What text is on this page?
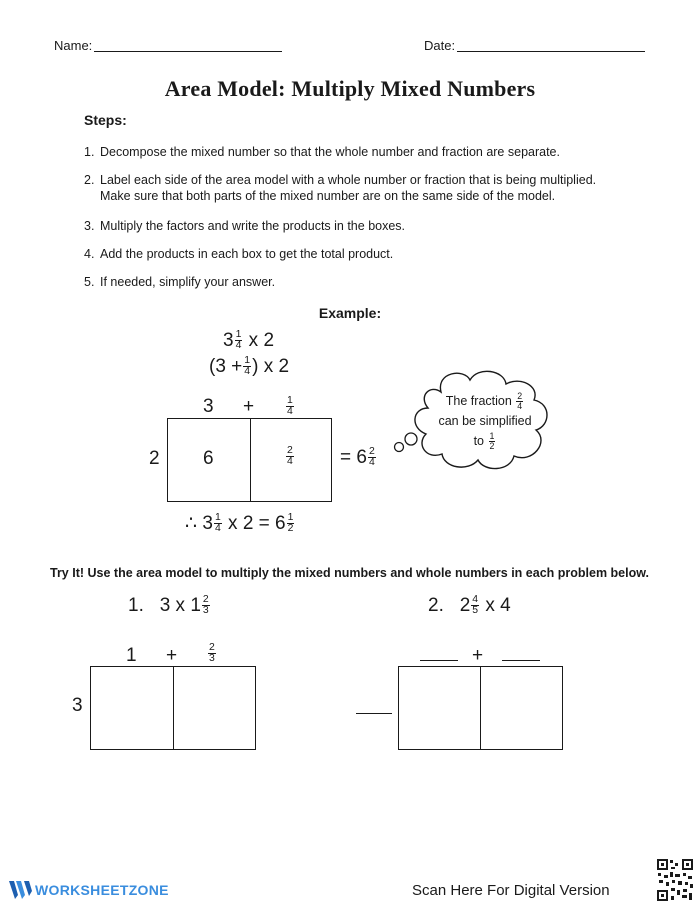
Name:	Date:
Area Model: Multiply Mixed Numbers
Steps:
1. Decompose the mixed number so that the whole number and fraction are separate.
2. Label each side of the area model with a whole number or fraction that is being multiplied.
Make sure that both parts of the mixed number are on the same side of the model.
3. Multiply the factors and write the products in the boxes.
4. Add the products in each box to get the total product.
5. If needed, simplify your answer.
Example:
$3 \frac{1}{4}$ x 2
($3 + \frac{1}{4}$ ) x 2
3 +	$\frac{1}{4}$
2 6	$\frac{2}{4} = 6 \frac{2}{4}$
The fraction $\frac{2}{4}$
can be simplified
to $\frac{1}{2}$
∴ $3 \frac{1}{4}$ x $2 = 6 \frac{1}{2}$
Try It! Use the area model to multiply the mixed numbers and whole numbers in each problem below.
1. 3 x $1 \frac{2}{3}$
1 +	$\frac{2}{3}$
3
2. $2 \frac{4}{5}$ x 4
+
WORKSHEETZONE	Scan Here For Digital Version
